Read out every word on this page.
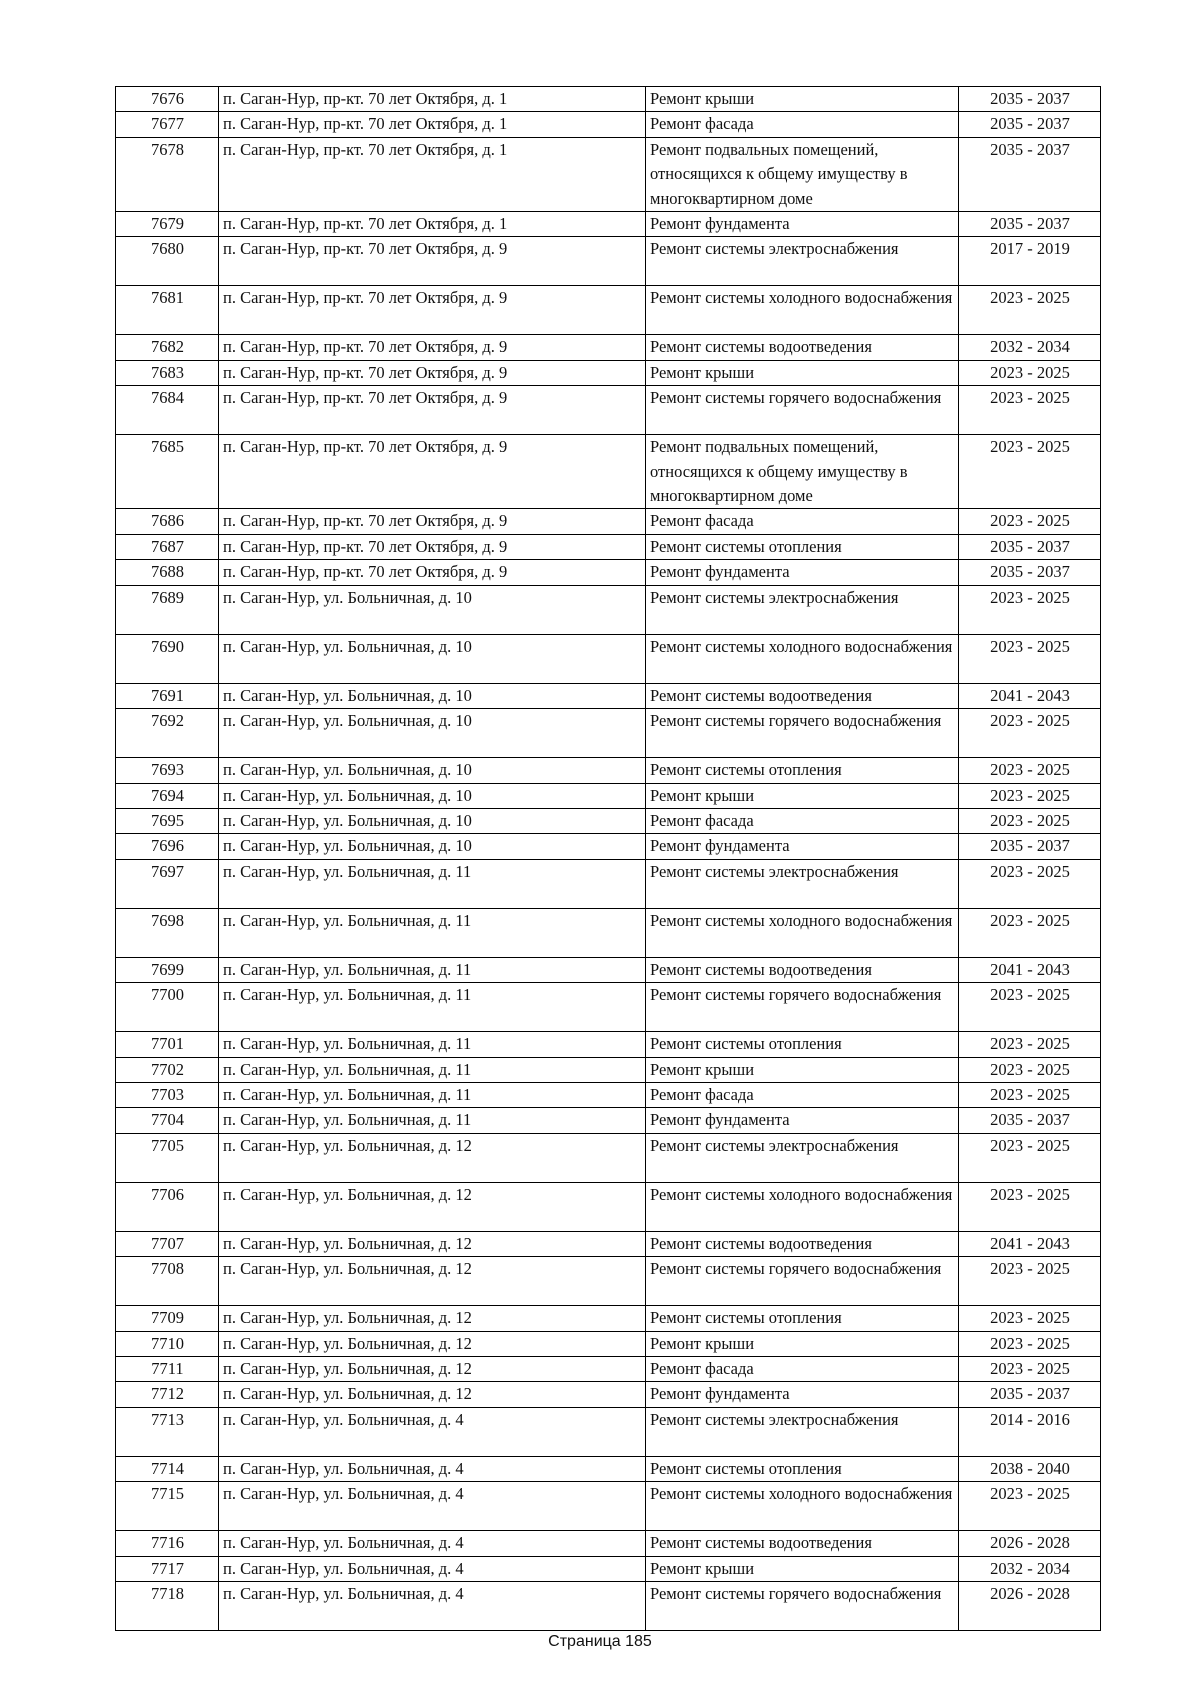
7676	п. Саган-Нур, пр-кт. 70 лет Октября, д. 1	Ремонт крыши	2035 - 2037
7677	п. Саган-Нур, пр-кт. 70 лет Октября, д. 1	Ремонт фасада	2035 - 2037
7678	п. Саган-Нур, пр-кт. 70 лет Октября, д. 1	Ремонт подвальных помещений, относящихся к общему имуществу в многоквартирном доме	2035 - 2037
7679	п. Саган-Нур, пр-кт. 70 лет Октября, д. 1	Ремонт фундамента	2035 - 2037
7680	п. Саган-Нур, пр-кт. 70 лет Октября, д. 9	Ремонт системы электроснабжения	2017 - 2019
7681	п. Саган-Нур, пр-кт. 70 лет Октября, д. 9	Ремонт системы холодного водоснабжения	2023 - 2025
7682	п. Саган-Нур, пр-кт. 70 лет Октября, д. 9	Ремонт системы водоотведения	2032 - 2034
7683	п. Саган-Нур, пр-кт. 70 лет Октября, д. 9	Ремонт крыши	2023 - 2025
7684	п. Саган-Нур, пр-кт. 70 лет Октября, д. 9	Ремонт системы горячего водоснабжения	2023 - 2025
7685	п. Саган-Нур, пр-кт. 70 лет Октября, д. 9	Ремонт подвальных помещений, относящихся к общему имуществу в многоквартирном доме	2023 - 2025
7686	п. Саган-Нур, пр-кт. 70 лет Октября, д. 9	Ремонт фасада	2023 - 2025
7687	п. Саган-Нур, пр-кт. 70 лет Октября, д. 9	Ремонт системы отопления	2035 - 2037
7688	п. Саган-Нур, пр-кт. 70 лет Октября, д. 9	Ремонт фундамента	2035 - 2037
7689	п. Саган-Нур, ул. Больничная, д. 10	Ремонт системы электроснабжения	2023 - 2025
7690	п. Саган-Нур, ул. Больничная, д. 10	Ремонт системы холодного водоснабжения	2023 - 2025
7691	п. Саган-Нур, ул. Больничная, д. 10	Ремонт системы водоотведения	2041 - 2043
7692	п. Саган-Нур, ул. Больничная, д. 10	Ремонт системы горячего водоснабжения	2023 - 2025
7693	п. Саган-Нур, ул. Больничная, д. 10	Ремонт системы отопления	2023 - 2025
7694	п. Саган-Нур, ул. Больничная, д. 10	Ремонт крыши	2023 - 2025
7695	п. Саган-Нур, ул. Больничная, д. 10	Ремонт фасада	2023 - 2025
7696	п. Саган-Нур, ул. Больничная, д. 10	Ремонт фундамента	2035 - 2037
7697	п. Саган-Нур, ул. Больничная, д. 11	Ремонт системы электроснабжения	2023 - 2025
7698	п. Саган-Нур, ул. Больничная, д. 11	Ремонт системы холодного водоснабжения	2023 - 2025
7699	п. Саган-Нур, ул. Больничная, д. 11	Ремонт системы водоотведения	2041 - 2043
7700	п. Саган-Нур, ул. Больничная, д. 11	Ремонт системы горячего водоснабжения	2023 - 2025
7701	п. Саган-Нур, ул. Больничная, д. 11	Ремонт системы отопления	2023 - 2025
7702	п. Саган-Нур, ул. Больничная, д. 11	Ремонт крыши	2023 - 2025
7703	п. Саган-Нур, ул. Больничная, д. 11	Ремонт фасада	2023 - 2025
7704	п. Саган-Нур, ул. Больничная, д. 11	Ремонт фундамента	2035 - 2037
7705	п. Саган-Нур, ул. Больничная, д. 12	Ремонт системы электроснабжения	2023 - 2025
7706	п. Саган-Нур, ул. Больничная, д. 12	Ремонт системы холодного водоснабжения	2023 - 2025
7707	п. Саган-Нур, ул. Больничная, д. 12	Ремонт системы водоотведения	2041 - 2043
7708	п. Саган-Нур, ул. Больничная, д. 12	Ремонт системы горячего водоснабжения	2023 - 2025
7709	п. Саган-Нур, ул. Больничная, д. 12	Ремонт системы отопления	2023 - 2025
7710	п. Саган-Нур, ул. Больничная, д. 12	Ремонт крыши	2023 - 2025
7711	п. Саган-Нур, ул. Больничная, д. 12	Ремонт фасада	2023 - 2025
7712	п. Саган-Нур, ул. Больничная, д. 12	Ремонт фундамента	2035 - 2037
7713	п. Саган-Нур, ул. Больничная, д. 4	Ремонт системы электроснабжения	2014 - 2016
7714	п. Саган-Нур, ул. Больничная, д. 4	Ремонт системы отопления	2038 - 2040
7715	п. Саган-Нур, ул. Больничная, д. 4	Ремонт системы холодного водоснабжения	2023 - 2025
7716	п. Саган-Нур, ул. Больничная, д. 4	Ремонт системы водоотведения	2026 - 2028
7717	п. Саган-Нур, ул. Больничная, д. 4	Ремонт крыши	2032 - 2034
7718	п. Саган-Нур, ул. Больничная, д. 4	Ремонт системы горячего водоснабжения	2026 - 2028
Страница 185
